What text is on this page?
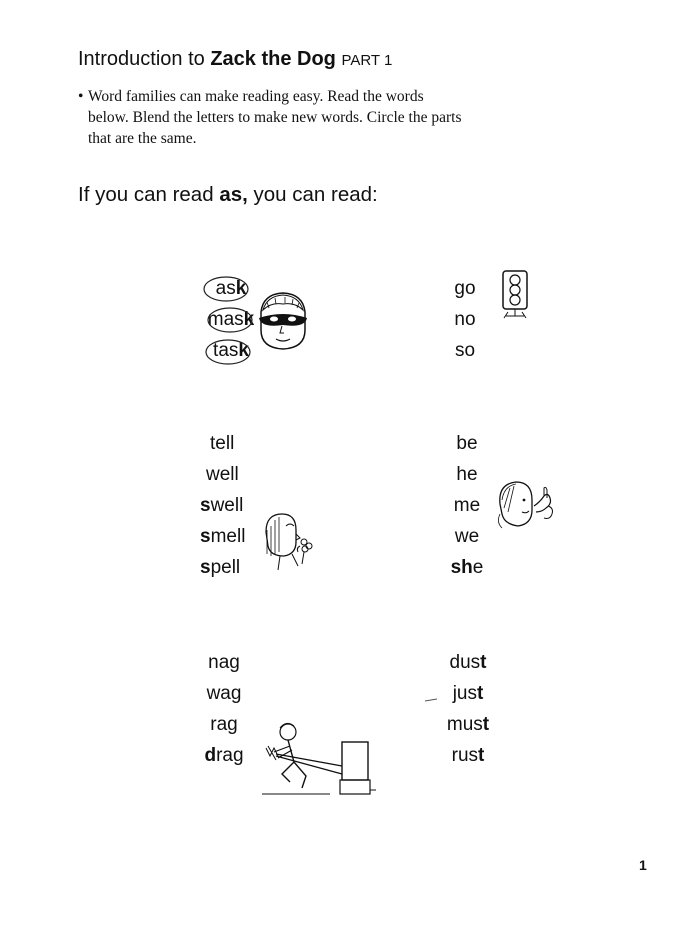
Introduction to Zack the Dog PART 1
• Word families can make reading easy. Read the words
below. Blend the letters to make new words. Circle the parts
that are the same.
If you can read as, you can read:
ask
mask
task
go
no
so
tell
well
swell
smell
spell
be
he
me
we
she
nag
wag
rag
drag
dust
just
must
rust
1
